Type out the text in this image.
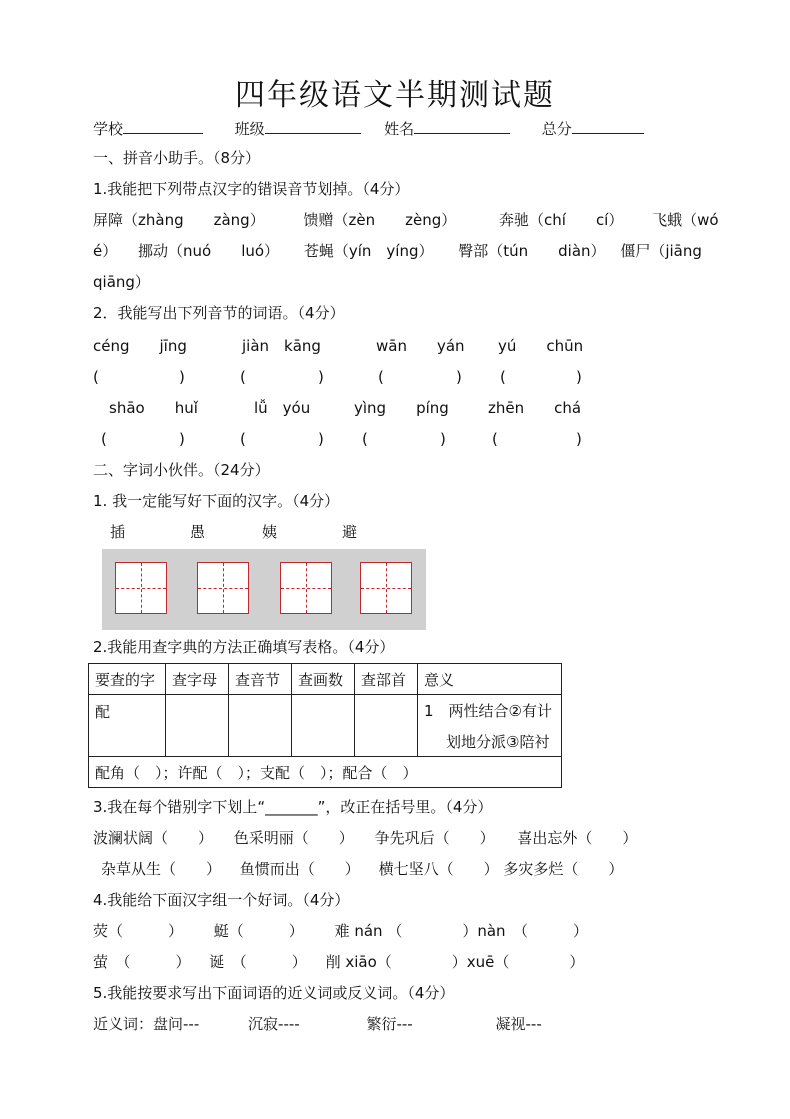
四年级语文半期测试题
学校	班级	姓名	总分
一、拼音小助手。（8分）
1.我能把下列带点汉字的错误音节划掉。（4分）
屏障（zhàng　　zàng）	馈赠（zèn　　zèng）	奔驰（chí　　cí） 飞蛾（wó
é） 挪动（nuó　　luó） 苍蝇（yín　yíng） 臀部（tún　　diàn） 僵尸（jiāng
qiāng）
2．我能写出下列音节的词语。（4分）
céng　　jīng	jiàn　kāng	wān　　yán yú　　chūn
(	)	(	)	(	)	(	)
shāo　　huǐ	lǚ　yóu	yìng　　píng	zhēn　　chá
(	)	(	)	(	)	(	)
二、字词小伙伴。（24分）
1. 我一定能写好下面的汉字。（4分）
插	愚	姨	避
2.我能用查字典的方法正确填写表格。（4分）
要查的字	查字母	查音节	查画数	查部首	意义
配					1　两性结合②有计
划地分派③陪衬

配角（　）；许配（　）；支配（　）；配合（　）					
3.我在每个错别字下划上“_______”，改正在括号里。（4分）
波澜状阔（　　） 色采明丽（　　） 争先巩后（　　） 喜出忘外（　　）
杂草从生（　　） 鱼惯而出（　　） 横七坚八（　　） 多灾多烂（　　）
4.我能给下面汉字组一个好词。（4分）
荧（　　　） 蜓（　　　） 难 nán （　　　　）nàn　（　　　）
萤　（　　　） 诞　（　　　） 削 xiāo（　　　　）xuē（　　　　）
5.我能按要求写出下面词语的近义词或反义词。（4分）
近义词：盘问---	沉寂----	繁衍---	凝视---
